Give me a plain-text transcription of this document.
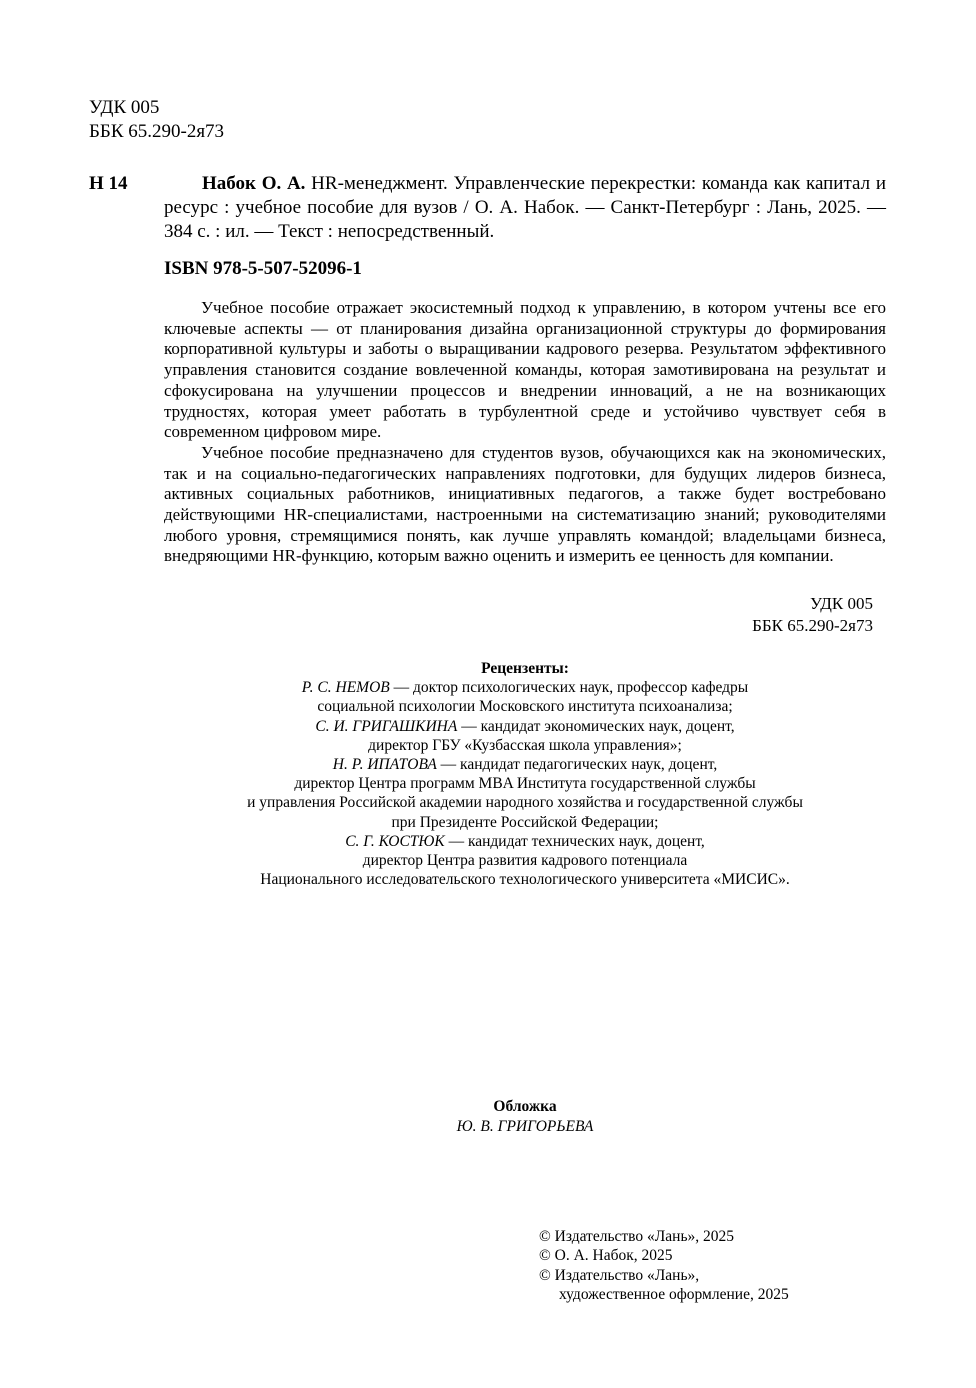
УДК 005
ББК 65.290-2я73
Н 14	Набок О. А. HR-менеджмент. Управленческие перекрестки: команда как капитал и ресурс : учебное пособие для вузов / О. А. Набок. — Санкт-Петербург : Лань, 2025. — 384 с. : ил. — Текст : непосредственный.
ISBN 978-5-507-52096-1

Учебное пособие отражает экосистемный подход к управлению, в котором учтены все его ключевые аспекты — от планирования дизайна организационной структуры до формирования корпоративной культуры и заботы о выращивании кадрового резерва. Результатом эффективного управления становится создание вовлеченной команды, которая замотивирована на результат и сфокусирована на улучшении процессов и внедрении инноваций, а не на возникающих трудностях, которая умеет работать в турбулентной среде и устойчиво чувствует себя в современном цифровом мире.

Учебное пособие предназначено для студентов вузов, обучающихся как на экономических, так и на социально-педагогических направлениях подготовки, для будущих лидеров бизнеса, активных социальных работников, инициативных педагогов, а также будет востребовано действующими HR-специалистами, настроенными на систематизацию знаний; руководителями любого уровня, стремящимися понять, как лучше управлять командой; владельцами бизнеса, внедряющими HR-функцию, которым важно оценить и измерить ее ценность для компании.

УДК 005
ББК 65.290-2я73
Рецензенты:
Р. С. НЕМОВ — доктор психологических наук, профессор кафедры
социальной психологии Московского института психоанализа;
С. И. ГРИГАШКИНА — кандидат экономических наук, доцент,
директор ГБУ «Кузбасская школа управления»;
Н. Р. ИПАТОВА — кандидат педагогических наук, доцент,
директор Центра программ MBA Института государственной службы
и управления Российской академии народного хозяйства и государственной службы
при Президенте Российской Федерации;
С. Г. КОСТЮК — кандидат технических наук, доцент,
директор Центра развития кадрового потенциала
Национального исследовательского технологического университета «МИСИС».
Обложка
Ю. В. ГРИГОРЬЕВА
© Издательство «Лань», 2025
© О. А. Набок, 2025
© Издательство «Лань»,
художественное оформление, 2025
